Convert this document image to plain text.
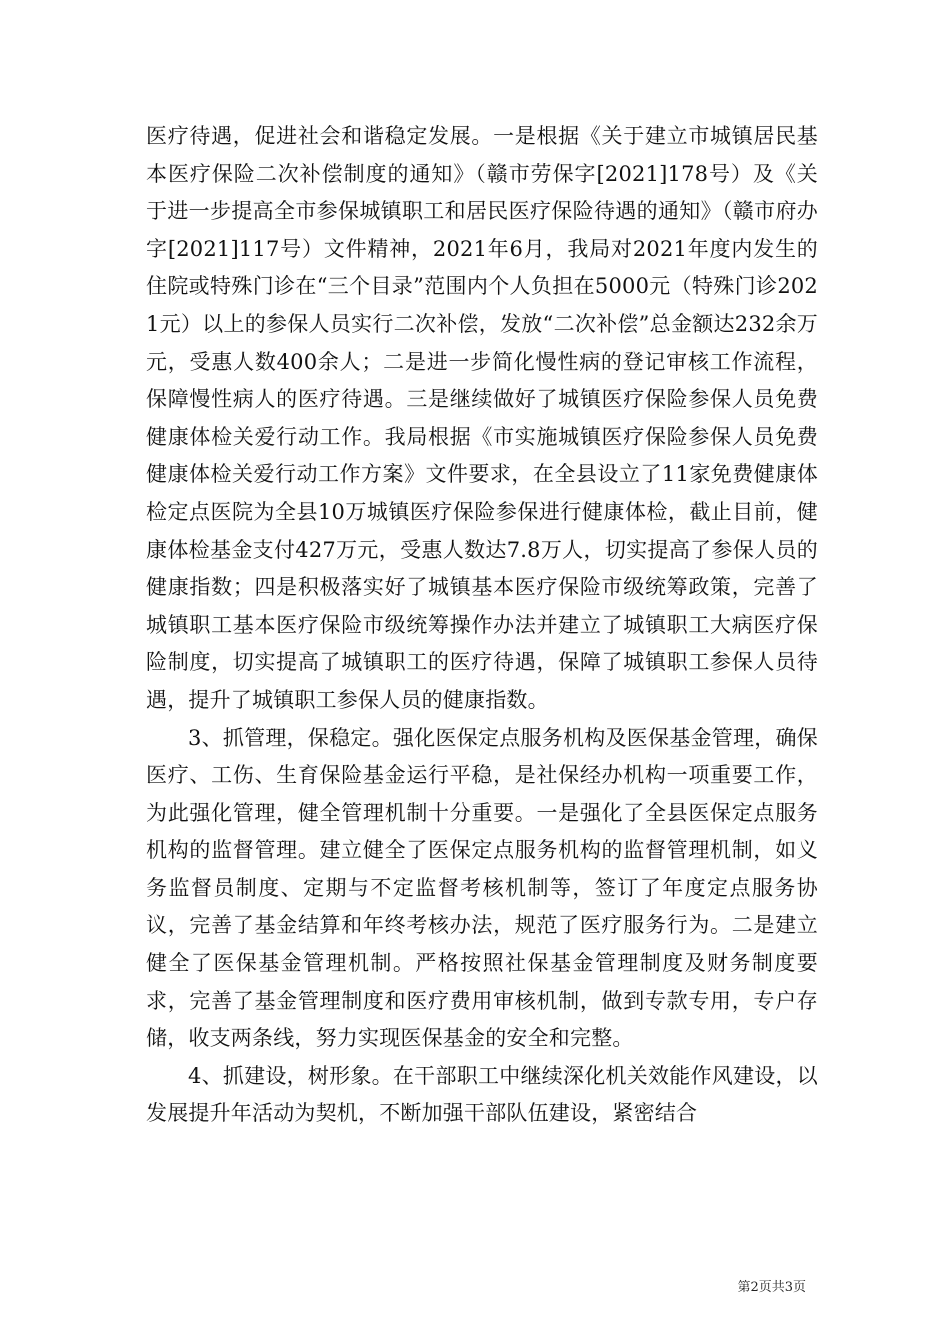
医疗待遇，促进社会和谐稳定发展。一是根据《关于建立市城镇居民基本医疗保险二次补偿制度的通知》（赣市劳保字[2021]178号）及《关于进一步提高全市参保城镇职工和居民医疗保险待遇的通知》（赣市府办字[2021]117号）文件精神，2021年6月，我局对2021年度内发生的住院或特殊门诊在“三个目录”范围内个人负担在5000元（特殊门诊2021元）以上的参保人员实行二次补偿，发放“二次补偿”总金额达232余万元，受惠人数400余人；二是进一步简化慢性病的登记审核工作流程，保障慢性病人的医疗待遇。三是继续做好了城镇医疗保险参保人员免费健康体检关爱行动工作。我局根据《市实施城镇医疗保险参保人员免费健康体检关爱行动工作方案》文件要求，在全县设立了11家免费健康体检定点医院为全县10万城镇医疗保险参保进行健康体检，截止目前，健康体检基金支付427万元，受惠人数达7.8万人，切实提高了参保人员的健康指数；四是积极落实好了城镇基本医疗保险市级统筹政策，完善了城镇职工基本医疗保险市级统筹操作办法并建立了城镇职工大病医疗保险制度，切实提高了城镇职工的医疗待遇，保障了城镇职工参保人员待遇，提升了城镇职工参保人员的健康指数。

3、抓管理，保稳定。强化医保定点服务机构及医保基金管理，确保医疗、工伤、生育保险基金运行平稳，是社保经办机构一项重要工作，为此强化管理，健全管理机制十分重要。一是强化了全县医保定点服务机构的监督管理。建立健全了医保定点服务机构的监督管理机制，如义务监督员制度、定期与不定监督考核机制等，签订了年度定点服务协议，完善了基金结算和年终考核办法，规范了医疗服务行为。二是建立健全了医保基金管理机制。严格按照社保基金管理制度及财务制度要求，完善了基金管理制度和医疗费用审核机制，做到专款专用，专户存储，收支两条线，努力实现医保基金的安全和完整。

4、抓建设，树形象。在干部职工中继续深化机关效能作风建设，以发展提升年活动为契机，不断加强干部队伍建设，紧密结合

第2页共3页
